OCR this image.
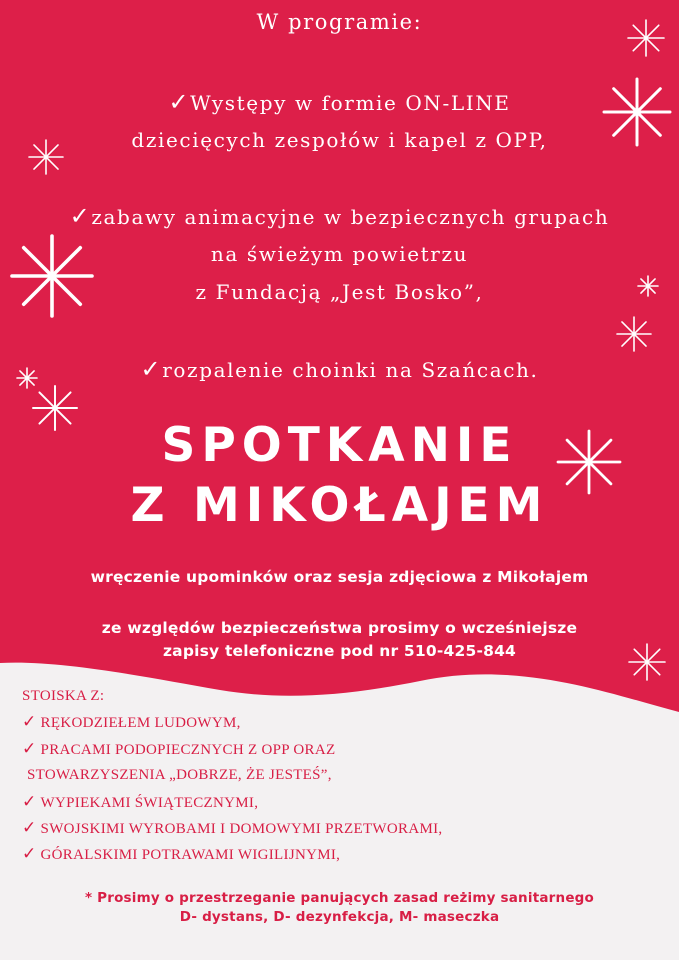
W programie:
✓Występy w formie ON-LINE
dziecięcych zespołów i kapel z OPP,
✓zabawy animacyjne w bezpiecznych grupach
na świeżym powietrzu
z Fundacją „Jest Bosko”,
✓rozpalenie choinki na Szańcach.
SPOTKANIE
Z MIKOŁAJEM
wręczenie upominków oraz sesja zdjęciowa z Mikołajem
ze względów bezpieczeństwa prosimy o wcześniejsze
zapisy telefoniczne pod nr 510-425-844
STOISKA Z:
✓ RĘKODZIEŁEM LUDOWYM,
✓ PRACAMI PODOPIECZNYCH Z OPP ORAZ
STOWARZYSZENIA „DOBRZE, ŻE JESTEŚ”,
✓ WYPIEKAMI ŚWIĄTECZNYMI,
✓ SWOJSKIMI WYROBAMI I DOMOWYMI PRZETWORAMI,
✓ GÓRALSKIMI POTRAWAMI WIGILIJNYMI,
* Prosimy o przestrzeganie panujących zasad reżimy sanitarnego
D- dystans, D- dezynfekcja, M- maseczka
